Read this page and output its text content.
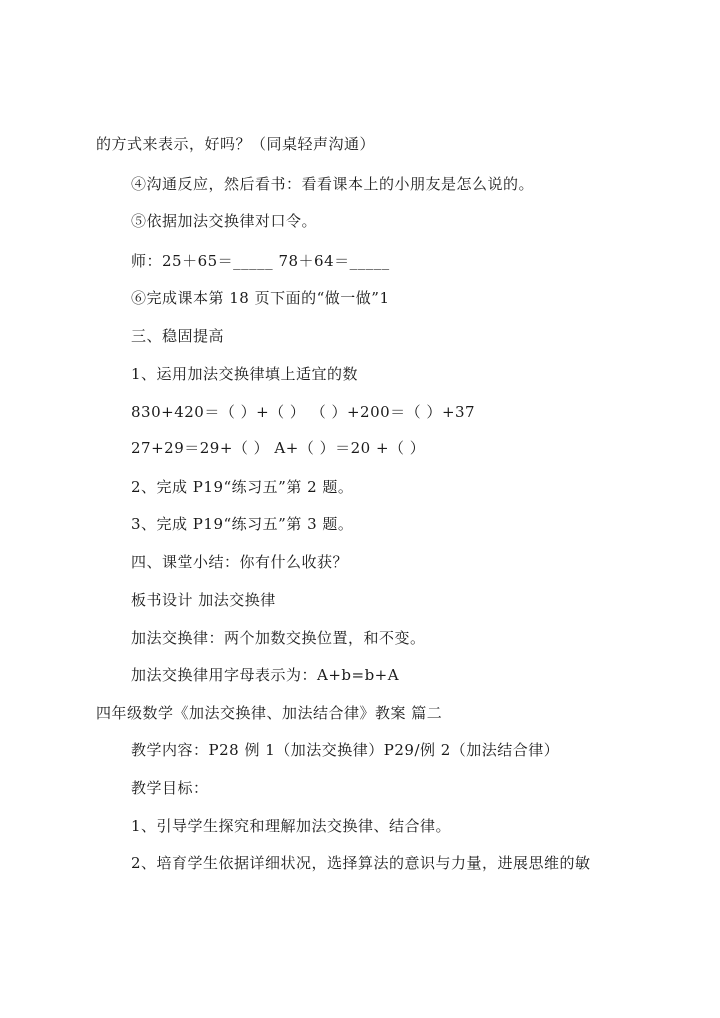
的方式来表示，好吗？（同桌轻声沟通）
④沟通反应，然后看书：看看课本上的小朋友是怎么说的。
⑤依据加法交换律对口令。
师：25＋65＝_____ 78＋64＝_____
⑥完成课本第 18 页下面的“做一做”1
三、稳固提高
1、运用加法交换律填上适宜的数
830+420＝（ ）+（ ） （ ）+200＝（ ）+37
27+29＝29+（ ） A+（ ）＝20 +（ ）
2、完成 P19“练习五”第 2 题。
3、完成 P19“练习五”第 3 题。
四、课堂小结：你有什么收获？
板书设计 加法交换律
加法交换律：两个加数交换位置，和不变。
加法交换律用字母表示为：A+b=b+A
四年级数学《加法交换律、加法结合律》教案 篇二
教学内容：P28 例 1（加法交换律）P29/例 2（加法结合律）
教学目标：
1、引导学生探究和理解加法交换律、结合律。
2、培育学生依据详细状况，选择算法的意识与力量，进展思维的敏
